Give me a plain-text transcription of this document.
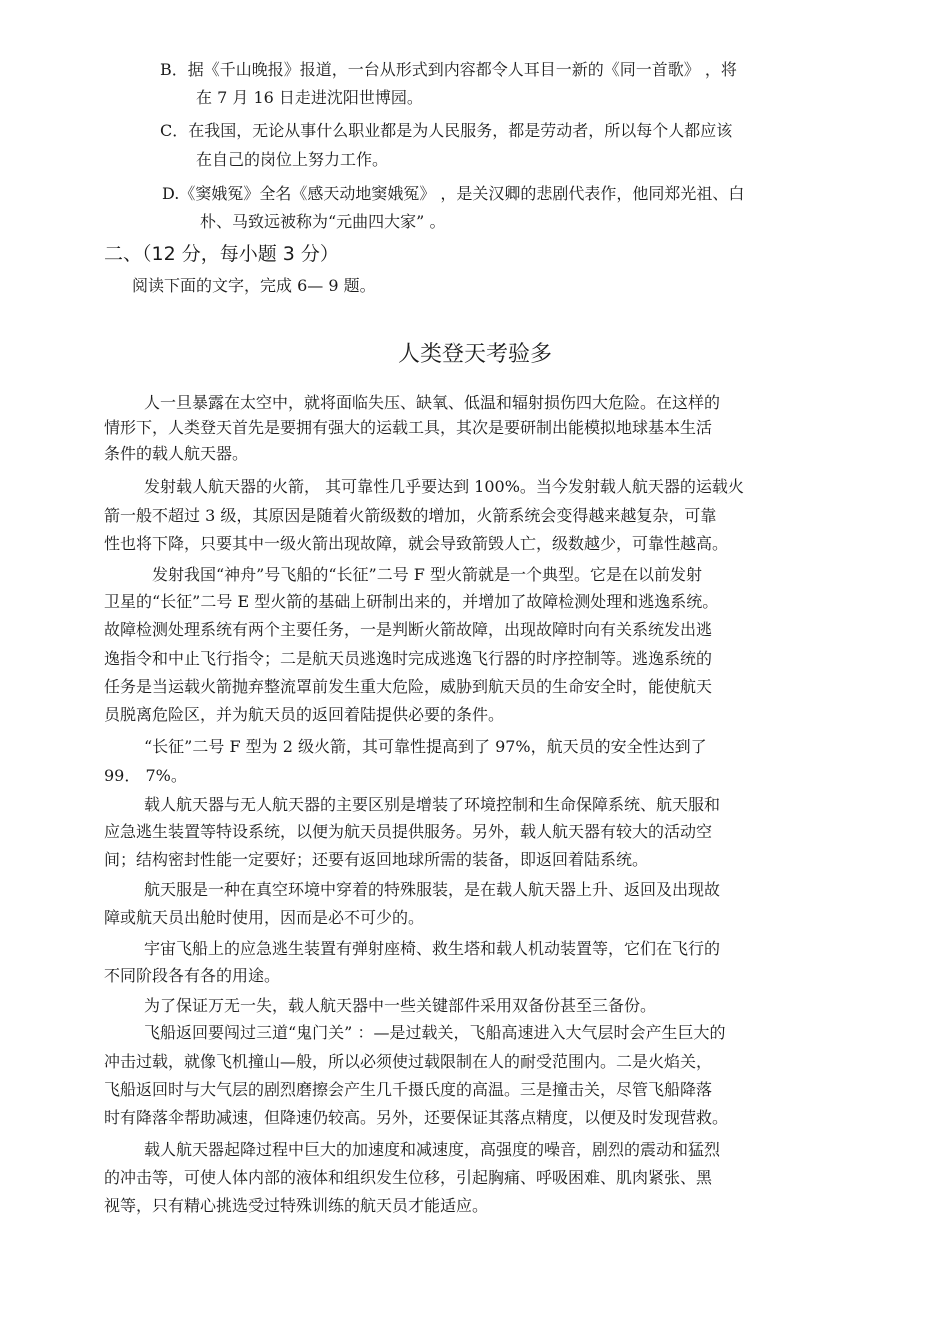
B．据《千山晚报》报道，一台从形式到内容都令人耳目一新的《同一首歌》 ，将

在 7 月 16 日走进沈阳世博园。

C．在我国，无论从事什么职业都是为人民服务，都是劳动者，所以每个人都应该

在自己的岗位上努力工作。

D.《窦娥冤》全名《感天动地窦娥冤》 ，是关汉卿的悲剧代表作，他同郑光祖、白

朴、马致远被称为“元曲四大家” 。

二、（12 分，每小题 3 分）

阅读下面的文字，完成 6— 9 题。

人类登天考验多

人一旦暴露在太空中，就将面临失压、缺氧、低温和辐射损伤四大危险。在这样的

情形下，人类登天首先是要拥有强大的运载工具，其次是要研制出能模拟地球基本生活

条件的载人航天器。

发射载人航天器的火箭， 其可靠性几乎要达到 100%。当今发射载人航天器的运载火

箭一般不超过 3 级，其原因是随着火箭级数的增加，火箭系统会变得越来越复杂，可靠

性也将下降，只要其中一级火箭出现故障，就会导致箭毁人亡，级数越少，可靠性越高。

发射我国“神舟”号飞船的“长征”二号 F 型火箭就是一个典型。它是在以前发射

卫星的“长征”二号 E 型火箭的基础上研制出来的，并增加了故障检测处理和逃逸系统。

故障检测处理系统有两个主要任务，一是判断火箭故障，出现故障时向有关系统发出逃

逸指令和中止飞行指令；二是航天员逃逸时完成逃逸飞行器的时序控制等。逃逸系统的

任务是当运载火箭抛弃整流罩前发生重大危险，威胁到航天员的生命安全时，能使航天

员脱离危险区，并为航天员的返回着陆提供必要的条件。

“长征”二号 F 型为 2 级火箭，其可靠性提高到了 97%，航天员的安全性达到了

99． 7%。

载人航天器与无人航天器的主要区别是增装了环境控制和生命保障系统、航天服和

应急逃生装置等特设系统，以便为航天员提供服务。另外，载人航天器有较大的活动空

间；结构密封性能一定要好；还要有返回地球所需的装备，即返回着陆系统。

航天服是一种在真空环境中穿着的特殊服装，是在载人航天器上升、返回及出现故

障或航天员出舱时使用，因而是必不可少的。

宇宙飞船上的应急逃生装置有弹射座椅、救生塔和载人机动装置等，它们在飞行的

不同阶段各有各的用途。

为了保证万无一失，载人航天器中一些关键部件采用双备份甚至三备份。

飞船返回要闯过三道“鬼门关” ：—是过载关，飞船高速进入大气层时会产生巨大的

冲击过载，就像飞机撞山—般，所以必须使过载限制在人的耐受范围内。二是火焰关，

飞船返回时与大气层的剧烈磨擦会产生几千摄氏度的高温。三是撞击关，尽管飞船降落

时有降落伞帮助减速，但降速仍较高。另外，还要保证其落点精度，以便及时发现营救。

载人航天器起降过程中巨大的加速度和减速度，高强度的噪音，剧烈的震动和猛烈

的冲击等，可使人体内部的液体和组织发生位移，引起胸痛、呼吸困难、肌肉紧张、黑

视等，只有精心挑选受过特殊训练的航天员才能适应。
